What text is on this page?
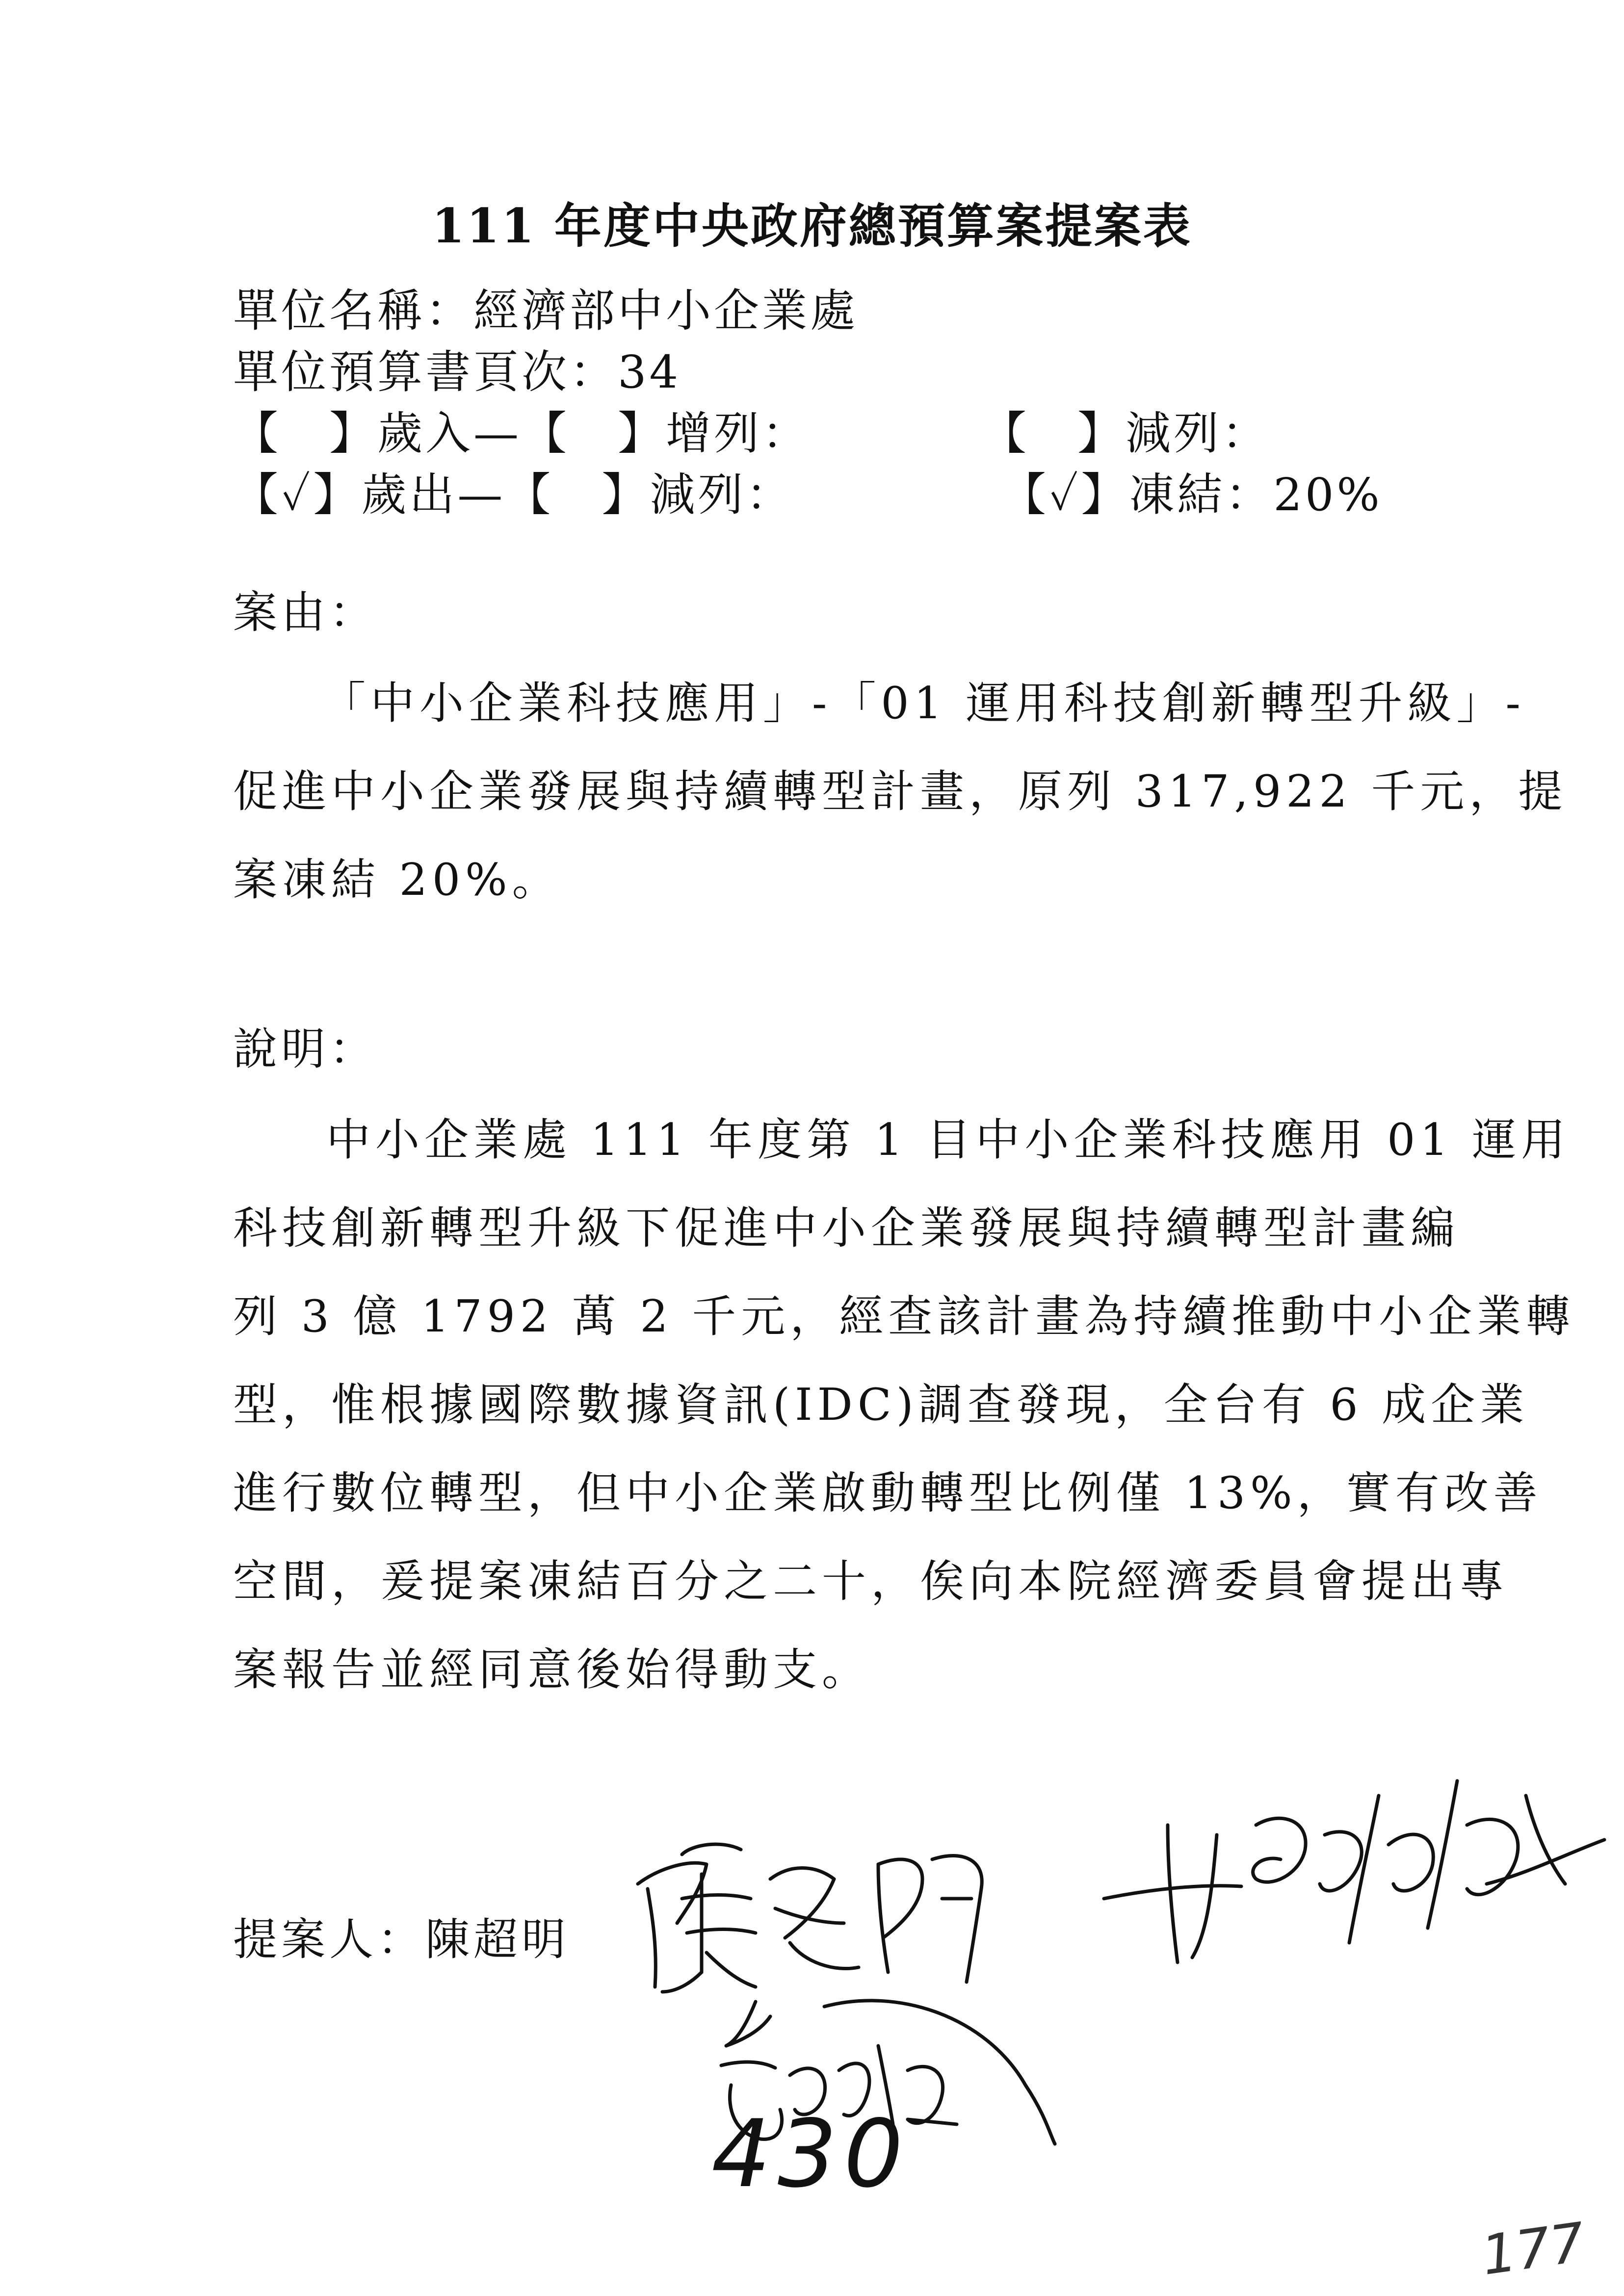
111 年度中央政府總預算案提案表
單位名稱：經濟部中小企業處
單位預算書頁次：34
【　】歲入—【　】增列：	【　】減列：
【✓】歲出—【　】減列：	【✓】凍結：20%
案由：
「中小企業科技應用」-「01 運用科技創新轉型升級」-
促進中小企業發展與持續轉型計畫，原列 317,922 千元，提
案凍結 20%。
說明：
中小企業處 111 年度第 1 目中小企業科技應用 01 運用
科技創新轉型升級下促進中小企業發展與持續轉型計畫編
列 3 億 1792 萬 2 千元，經查該計畫為持續推動中小企業轉
型，惟根據國際數據資訊(IDC)調查發現，全台有 6 成企業
進行數位轉型，但中小企業啟動轉型比例僅 13%，實有改善
空間，爰提案凍結百分之二十，俟向本院經濟委員會提出專
案報告並經同意後始得動支。
提案人：陳超明
430
177
